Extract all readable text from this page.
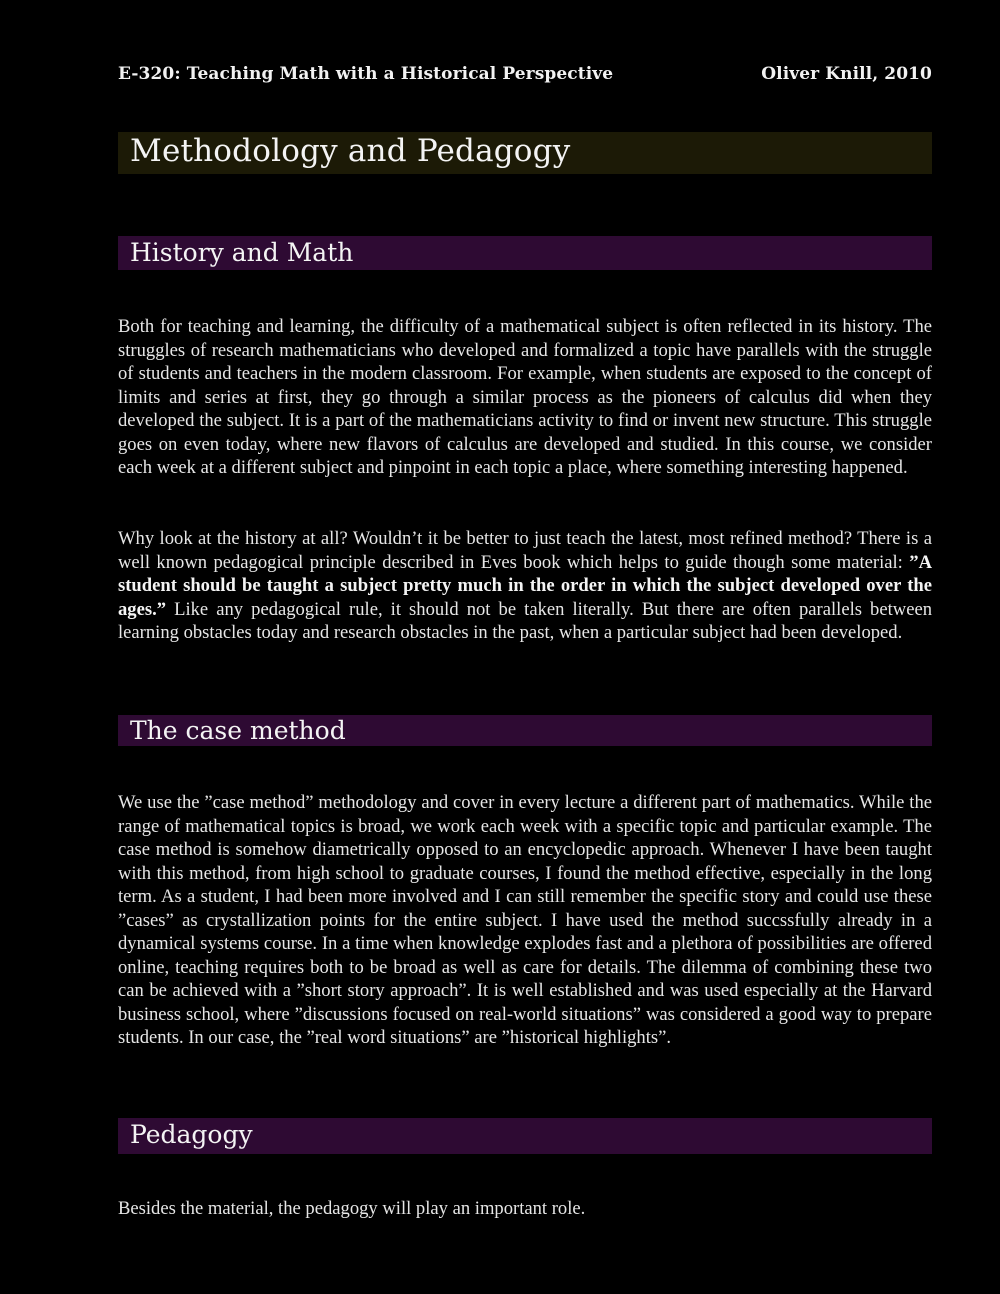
E-320: Teaching Math with a Historical Perspective	Oliver Knill, 2010
Methodology and Pedagogy
History and Math

Both for teaching and learning, the difficulty of a mathematical subject is often reflected in its history. The struggles of research mathematicians who developed and formalized a topic have parallels with the struggle of students and teachers in the modern classroom. For example, when students are exposed to the concept of limits and series at first, they go through a similar process as the pioneers of calculus did when they developed the subject. It is a part of the mathematicians activity to find or invent new structure. This struggle goes on even today, where new flavors of calculus are developed and studied. In this course, we consider each week at a different subject and pinpoint in each topic a place, where something interesting happened.

Why look at the history at all? Wouldn’t it be better to just teach the latest, most refined method? There is a well known pedagogical principle described in Eves book which helps to guide though some material: ”A student should be taught a subject pretty much in the order in which the subject developed over the ages.” Like any pedagogical rule, it should not be taken literally. But there are often parallels between learning obstacles today and research obstacles in the past, when a particular subject had been developed.

The case method

We use the ”case method” methodology and cover in every lecture a different part of mathematics. While the range of mathematical topics is broad, we work each week with a specific topic and particular example. The case method is somehow diametrically opposed to an encyclopedic approach. Whenever I have been taught with this method, from high school to graduate courses, I found the method effective, especially in the long term. As a student, I had been more involved and I can still remember the specific story and could use these ”cases” as crystallization points for the entire subject. I have used the method succssfully already in a dynamical systems course. In a time when knowledge explodes fast and a plethora of possibilities are offered online, teaching requires both to be broad as well as care for details. The dilemma of combining these two can be achieved with a ”short story approach”. It is well established and was used especially at the Harvard business school, where ”discussions focused on real-world situations” was considered a good way to prepare students. In our case, the ”real word situations” are ”historical highlights”.

Pedagogy

Besides the material, the pedagogy will play an important role.
